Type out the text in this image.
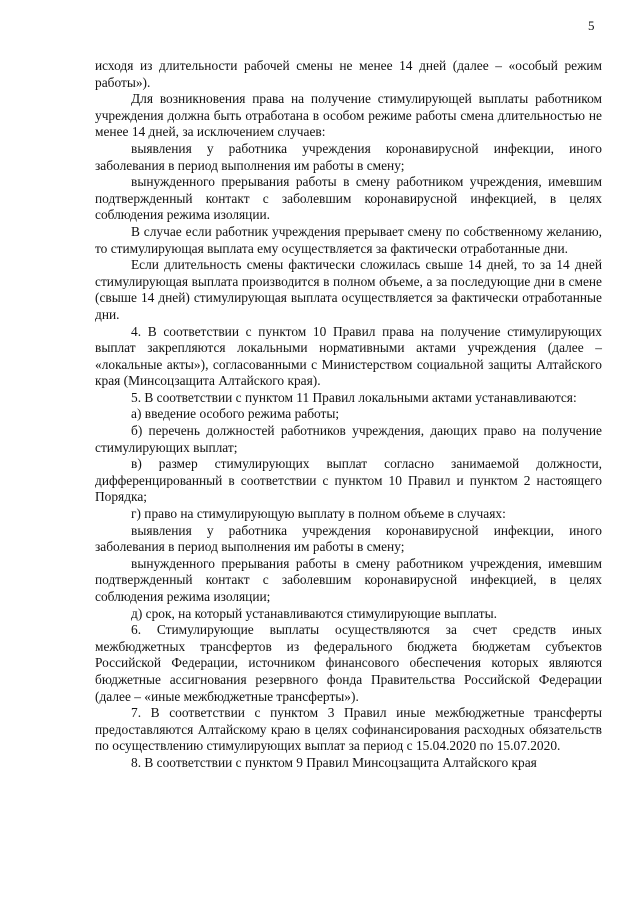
5

исходя из длительности рабочей смены не менее 14 дней (далее – «особый режим работы»).

Для возникновения права на получение стимулирующей выплаты работником учреждения должна быть отработана в особом режиме работы смена длительностью не менее 14 дней, за исключением случаев:

выявления у работника учреждения коронавирусной инфекции, иного заболевания в период выполнения им работы в смену;

вынужденного прерывания работы в смену работником учреждения, имевшим подтвержденный контакт с заболевшим коронавирусной инфекцией, в целях соблюдения режима изоляции.

В случае если работник учреждения прерывает смену по собственному желанию, то стимулирующая выплата ему осуществляется за фактически отработанные дни.

Если длительность смены фактически сложилась свыше 14 дней, то за 14 дней стимулирующая выплата производится в полном объеме, а за последующие дни в смене (свыше 14 дней) стимулирующая выплата осуществляется за фактически отработанные дни.

4. В соответствии с пунктом 10 Правил права на получение стимулирующих выплат закрепляются локальными нормативными актами учреждения (далее – «локальные акты»), согласованными с Министерством социальной защиты Алтайского края (Минсоцзащита Алтайского края).

5. В соответствии с пунктом 11 Правил локальными актами устанавливаются:

а) введение особого режима работы;

б) перечень должностей работников учреждения, дающих право на получение стимулирующих выплат;

в) размер стимулирующих выплат согласно занимаемой должности, дифференцированный в соответствии с пунктом 10 Правил и пунктом 2 настоящего Порядка;

г) право на стимулирующую выплату в полном объеме в случаях:

выявления у работника учреждения коронавирусной инфекции, иного заболевания в период выполнения им работы в смену;

вынужденного прерывания работы в смену работником учреждения, имевшим подтвержденный контакт с заболевшим коронавирусной инфекцией, в целях соблюдения режима изоляции;

д) срок, на который устанавливаются стимулирующие выплаты.

6. Стимулирующие выплаты осуществляются за счет средств иных межбюджетных трансфертов из федерального бюджета бюджетам субъектов Российской Федерации, источником финансового обеспечения которых являются бюджетные ассигнования резервного фонда Правительства Российской Федерации (далее – «иные межбюджетные трансферты»).

7. В соответствии с пунктом 3 Правил иные межбюджетные трансферты предоставляются Алтайскому краю в целях софинансирования расходных обязательств по осуществлению стимулирующих выплат за период с 15.04.2020 по 15.07.2020.

8. В соответствии с пунктом 9 Правил Минсоцзащита Алтайского края
